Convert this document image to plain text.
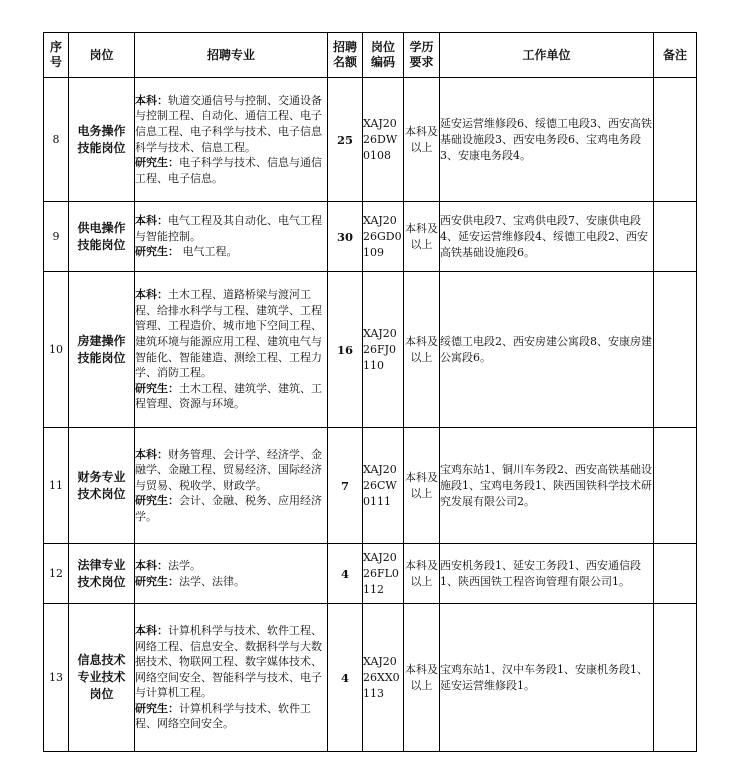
序号	岗位	招聘专业	招聘名额	岗位编码	学历要求	工作单位	备注
8	电务操作技能岗位	本科：轨道交通信号与控制、交通设备与控制工程、自动化、通信工程、电子信息工程、电子科学与技术、电子信息科学与技术、信息工程。
研究生：电子科学与技术、信息与通信工程、电子信息。	25	XAJ2026DW0108	本科及以上	延安运营维修段6、绥德工电段3、西安高铁基础设施段3、西安电务段6、宝鸡电务段3、安康电务段4。	
9	供电操作技能岗位	本科：电气工程及其自动化、电气工程与智能控制。
研究生： 电气工程。	30	XAJ2026GD0109	本科及以上	西安供电段7、宝鸡供电段7、安康供电段4、延安运营维修段4、绥德工电段2、西安高铁基础设施段6。	
10	房建操作技能岗位	本科：土木工程、道路桥梁与渡河工程、给排水科学与工程、建筑学、工程管理、工程造价、城市地下空间工程、建筑环境与能源应用工程、建筑电气与智能化、智能建造、测绘工程、工程力学、消防工程。
研究生：土木工程、建筑学、建筑、工程管理、资源与环境。	16	XAJ2026FJ0110	本科及以上	绥德工电段2、西安房建公寓段8、安康房建公寓段6。	
11	财务专业技术岗位	本科：财务管理、会计学、经济学、金融学、金融工程、贸易经济、国际经济与贸易、税收学、财政学。
研究生：会计、金融、税务、应用经济学。	7	XAJ2026CW0111	本科及以上	宝鸡东站1、铜川车务段2、西安高铁基础设施段1、宝鸡电务段1、陕西国铁科学技术研究发展有限公司2。	
12	法律专业技术岗位	本科：法学。
研究生：法学、法律。	4	XAJ2026FL0112	本科及以上	西安机务段1、延安工务段1、西安通信段1、陕西国铁工程咨询管理有限公司1。	
13	信息技术专业技术岗位	本科：计算机科学与技术、软件工程、网络工程、信息安全、数据科学与大数据技术、物联网工程、数字媒体技术、网络空间安全、智能科学与技术、电子与计算机工程。
研究生：计算机科学与技术、软件工程、网络空间安全。	4	XAJ2026XX0113	本科及以上	宝鸡东站1、汉中车务段1、安康机务段1、延安运营维修段1。	
